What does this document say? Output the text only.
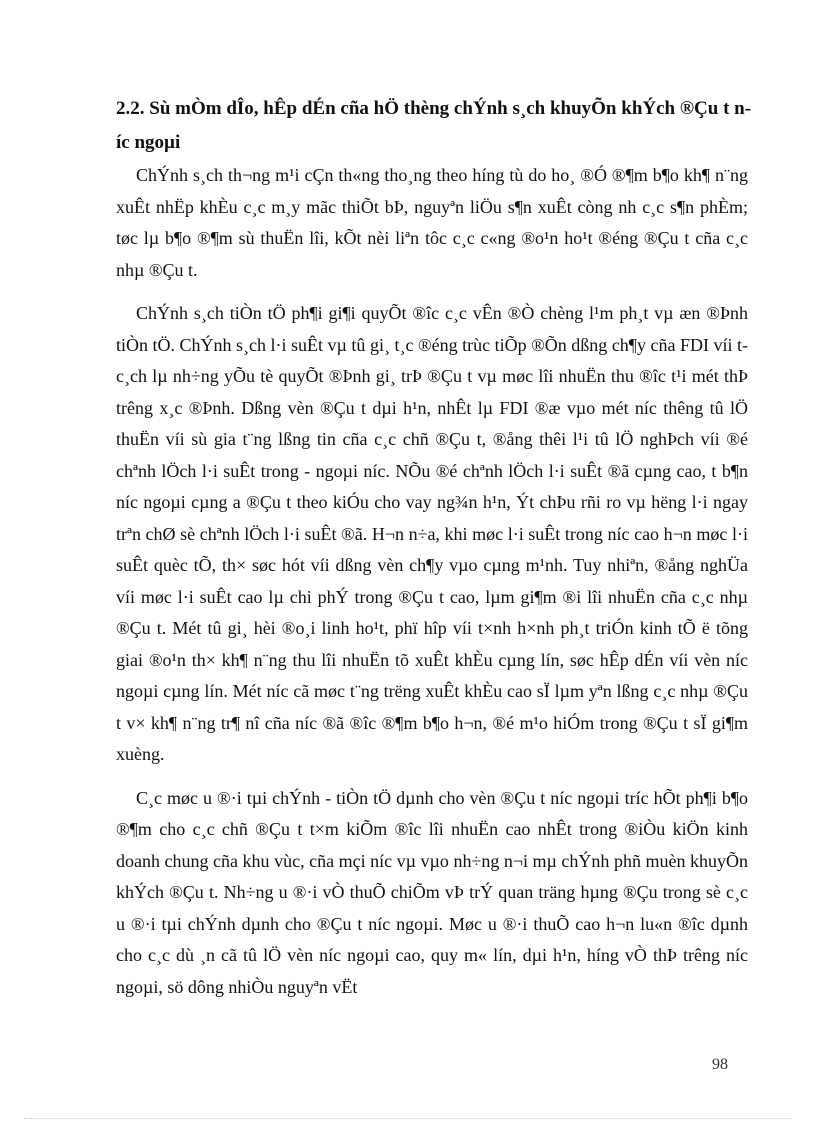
2.2. Sù mÒm dÎo, hÊp dÉn cña hÖ thèng chÝnh s¸ch khuyÕn khÝch ®Çu t níc ngoµi

ChÝnh s¸ch th¬ng m¹i cÇn th«ng tho¸ng theo híng tù do ho¸ ®Ó ®¶m b¶o kh¶ n¨ng xuÊt nhËp khÈu c¸c m¸y mãc thiÕt bÞ, nguyªn liÖu s¶n xuÊt còng nh c¸c s¶n phÈm; tøc lµ b¶o ®¶m sù thuËn lîi, kÕt nèi liªn tôc c¸c c«ng ®o¹n ho¹t ®éng ®Çu t cña c¸c nhµ ®Çu t.

ChÝnh s¸ch tiÒn tÖ ph¶i gi¶i quyÕt ®îc c¸c vÊn ®Ò chèng l¹m ph¸t vµ æn ®Þnh tiÒn tÖ. ChÝnh s¸ch l·i suÊt vµ tû gi¸ t¸c ®éng trùc tiÕp ®Õn dßng ch¶y cña FDI víi t c¸ch lµ nh÷ng yÕu tè quyÕt ®Þnh gi¸ trÞ ®Çu t vµ møc lîi nhuËn thu ®îc t¹i mét thÞ trêng x¸c ®Þnh. Dßng vèn ®Çu t dµi h¹n, nhÊt lµ FDI ®æ vµo mét níc thêng tû lÖ thuËn víi sù gia t¨ng lßng tin cña c¸c chñ ®Çu t, ®ång thêi l¹i tû lÖ nghÞch víi ®é chªnh lÖch l·i suÊt trong - ngoµi níc. NÕu ®é chªnh lÖch l·i suÊt ®ã cµng cao, t b¶n níc ngoµi cµng a ®Çu t theo kiÓu cho vay ng¾n h¹n, Ýt chÞu rñi ro vµ hëng l·i ngay trªn chØ sè chªnh lÖch l·i suÊt ®ã. H¬n n÷a, khi møc l·i suÊt trong níc cao h¬n møc l·i suÊt quèc tÕ, th× søc hót víi dßng vèn ch¶y vµo cµng m¹nh. Tuy nhiªn, ®ång nghÜa víi møc l·i suÊt cao lµ chi phÝ trong ®Çu t cao, lµm gi¶m ®i lîi nhuËn cña c¸c nhµ ®Çu t. Mét tû gi¸ hèi ®o¸i linh ho¹t, phï hîp víi t×nh h×nh ph¸t triÓn kinh tÕ ë tõng giai ®o¹n th× kh¶ n¨ng thu lîi nhuËn tõ xuÊt khÈu cµng lín, søc hÊp dÉn víi vèn níc ngoµi cµng lín. Mét níc cã møc t¨ng trëng xuÊt khÈu cao sÏ lµm yªn lßng c¸c nhµ ®Çu t v× kh¶ n¨ng tr¶ nî cña níc ®ã ®îc ®¶m b¶o h¬n, ®é m¹o hiÓm trong ®Çu t sÏ gi¶m xuèng.

C¸c møc u ®·i tµi chÝnh - tiÒn tÖ dµnh cho vèn ®Çu t níc ngoµi tríc hÕt ph¶i b¶o ®¶m cho c¸c chñ ®Çu t t×m kiÕm ®îc lîi nhuËn cao nhÊt trong ®iÒu kiÖn kinh doanh chung cña khu vùc, cña mçi níc vµ vµo nh÷ng n¬i mµ chÝnh phñ muèn khuyÕn khÝch ®Çu t. Nh÷ng u ®·i vÒ thuÕ chiÕm vÞ trÝ quan träng hµng ®Çu trong sè c¸c u ®·i tµi chÝnh dµnh cho ®Çu t níc ngoµi. Møc u ®·i thuÕ cao h¬n lu«n ®îc dµnh cho c¸c dù ¸n cã tû lÖ vèn níc ngoµi cao, quy m« lín, dµi h¹n, híng vÒ thÞ trêng níc ngoµi, sö dông nhiÒu nguyªn vËt

98
